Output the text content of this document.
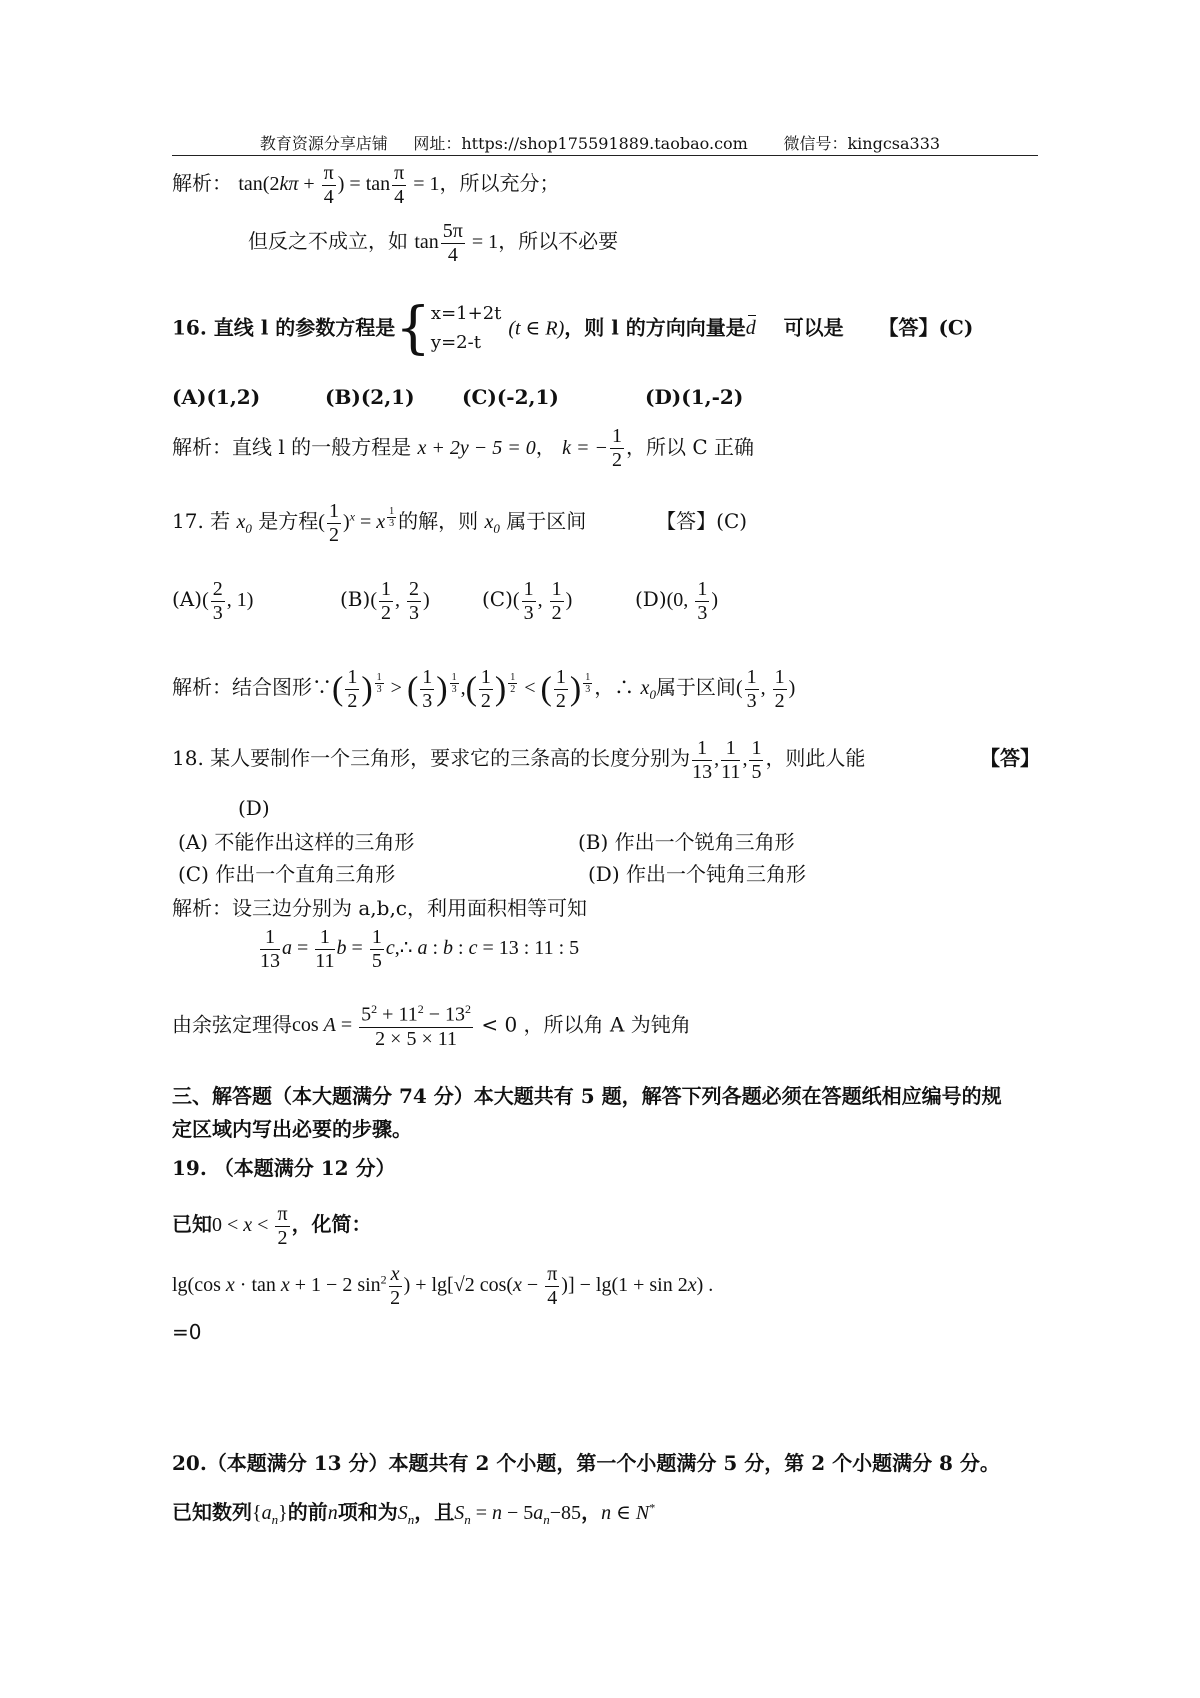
教育资源分享店铺 网址：https://shop175591889.taobao.com 微信号：kingcsa333
解析： $\tan(2k\pi + \frac{\pi}{4}$ ) = $\tan \frac{\pi}{4} = 1$，所以充分；
但反之不成立，如 $\tan \frac{5\pi}{4} = 1$，所以不必要
16. 直线 l 的参数方程是{ x=1+2t
y=2-t
(t ∈ R)，则 l 的方向向量是d 可以是 【答】(C)
(A)(1,2)	(B)(2,1) (C)(-2,1)	(D)(1,-2)
解析：直线 l 的一般方程是 x + 2y − 5 = 0， k = − $\frac{1}{2}$ ，所以 C 正确
17. 若 $x_0$ 是方程( $\frac{1}{2} )^x = x$ $^{\frac{1}{3}}$ 的解，则 $x_0$ 属于区间	【答】(C)
$(A)( \frac{2}{3}$ , 1)	$(B)( \frac{1}{2}$ , $\frac{2}{3}$ )	$(C)( \frac{1}{3}$ , $\frac{1}{2}$ )	(D)(0, $\frac{1}{3}$ )
解析：结合图形∵( $\frac{1}{2}$ ) $^{\frac{1}{3}}$ > ( $\frac{1}{3}$ ) $^{\frac{1}{3}}$ ,( $\frac{1}{2}$ ) $^{\frac{1}{2}}$ < ( $\frac{1}{2}$ ) $^{\frac{1}{3}}$ ，∴ $x_0$属于区间( $\frac{1}{3}$ , $\frac{1}{2}$ )
18. 某人要制作一个三角形，要求它的三条高的长度分别为 $\frac{1}{13}$ , $\frac{1}{11}$ , $\frac{1}{5}$ ，则此人能	【答】
(D)
(A) 不能作出这样的三角形	(B) 作出一个锐角三角形
(C) 作出一个直角三角形	(D) 作出一个钝角三角形
解析：设三边分别为 a,b,c，利用面积相等可知
$\frac{1}{13}$ $a = \frac{1}{11}$ $b = \frac{1}{5}$ c,∴ a : b : c = 13 : 11 : 5
由余弦定理得$\cos A = \frac{5^2 + 11^2 - 13^2}{2 \times 5 \times 11} < 0$ ，所以角 A 为钝角
三、解答题（本大题满分 74 分）本大题共有 5 题，解答下列各题必须在答题纸相应编号的规
定区域内写出必要的步骤。
19. （本题满分 12 分）
已知$0 < x < \frac{\pi}{2}$ ，化简：
lg(cos x · tan x + 1 − 2 $\sin^2 \frac{x}{2}$ ) + lg[√2 $\cos(x - \frac{\pi}{4}$ )] − lg(1 + sin 2x) .
=0
20.（本题满分 13 分）本题共有 2 个小题，第一个小题满分 5 分，第 2 个小题满分 8 分。
已知数列$\{a_n\}$的前n项和为$S_n$，且$S_n = n - 5a_n-85$，n ∈ N*
